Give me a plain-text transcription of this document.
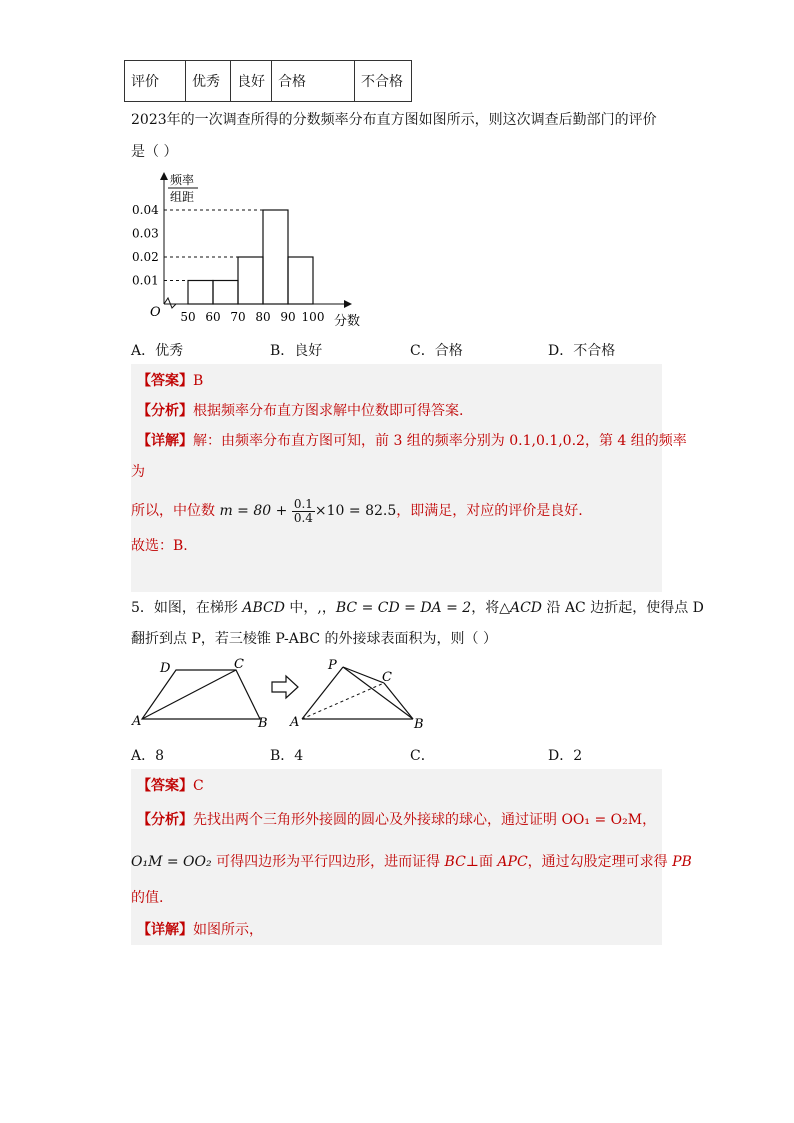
评价	优秀	良好	合格	不合格
2023年的一次调查所得的分数频率分布直方图如图所示，则这次调查后勤部门的评价
是（ ）
频率
组距
分数
O
0.01
0.02
0.03
0.04
50 60 70 80 90 100
A．优秀	B．良好	C．合格	D．不合格
【答案】B
【分析】根据频率分布直方图求解中位数即可得答案.
【详解】解：由频率分布直方图可知，前 3 组的频率分别为 0.1,0.1,0.2，第 4 组的频率
为
所以，中位数 $m = 80 + \frac{0.1}{0.4} \times 10 = 82.5$，即满足，对应的评价是良好.
故选：B.
5．如图，在梯形 ABCD 中，,，BC = CD = DA = 2，将△ACD 沿 AC 边折起，使得点 D
翻折到点 P，若三棱锥 P-ABC 的外接球表面积为，则（ ）
D	C
A	B
P
C
A	B
A．8	B．4	C．	D．2
【答案】C
【分析】先找出两个三角形外接圆的圆心及外接球的球心，通过证明 OO₁ = O₂M，
O₁M = OO₂ 可得四边形为平行四边形，进而证得 BC⊥面 APC，通过勾股定理可求得 PB
的值.
【详解】如图所示，
